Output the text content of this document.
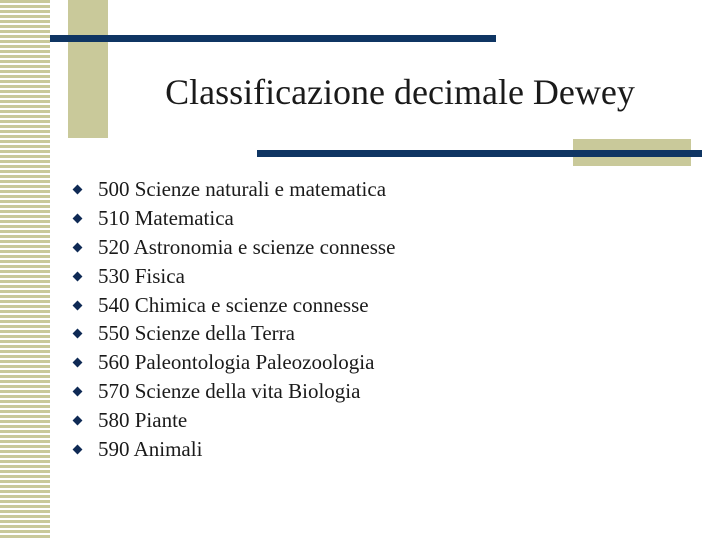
Classificazione decimale Dewey
500 Scienze naturali e matematica
510 Matematica
520 Astronomia e scienze connesse
530 Fisica
540 Chimica e scienze connesse
550 Scienze della Terra
560 Paleontologia Paleozoologia
570 Scienze della vita Biologia
580 Piante
590 Animali
